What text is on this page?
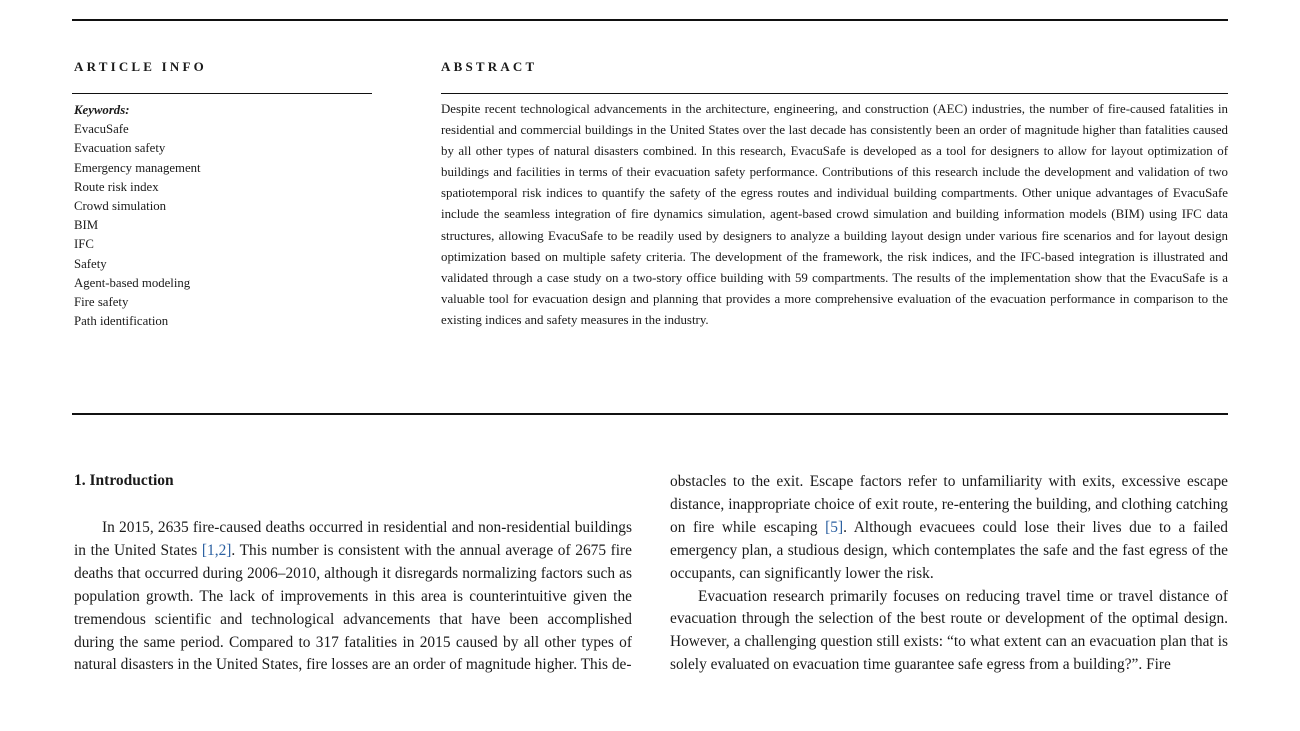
ARTICLE INFO	ABSTRACT
Keywords:
EvacuSafe
Evacuation safety
Emergency management
Route risk index
Crowd simulation
BIM
IFC
Safety
Agent-based modeling
Fire safety
Path identification
Despite recent technological advancements in the architecture, engineering, and construction (AEC) industries, the number of fire-caused fatalities in residential and commercial buildings in the United States over the last decade has consistently been an order of magnitude higher than fatalities caused by all other types of natural disasters combined. In this research, EvacuSafe is developed as a tool for designers to allow for layout optimization of buildings and facilities in terms of their evacuation safety performance. Contributions of this research include the development and validation of two spatiotemporal risk indices to quantify the safety of the egress routes and individual building compartments. Other unique advantages of EvacuSafe include the seamless integration of fire dynamics simulation, agent-based crowd simulation and building information models (BIM) using IFC data structures, allowing EvacuSafe to be readily used by designers to analyze a building layout design under various fire scenarios and for layout design optimization based on multiple safety criteria. The development of the framework, the risk indices, and the IFC-based integration is illustrated and validated through a case study on a two-story office building with 59 compartments. The results of the implementation show that the EvacuSafe is a valuable tool for evacuation design and planning that provides a more comprehensive evaluation of the evacuation performance in comparison to the existing indices and safety measures in the industry.
1. Introduction

In 2015, 2635 fire-caused deaths occurred in residential and non-residential buildings in the United States [1,2]. This number is consistent with the annual average of 2675 fire deaths that occurred during 2006–2010, although it disregards normalizing factors such as population growth. The lack of improvements in this area is counterintuitive given the tremendous scientific and technological advancements that have been accomplished during the same period. Compared to 317 fatalities in 2015 caused by all other types of natural disasters in the United States, fire losses are an order of magnitude higher. This de-

obstacles to the exit. Escape factors refer to unfamiliarity with exits, excessive escape distance, inappropriate choice of exit route, re-entering the building, and clothing catching on fire while escaping [5]. Although evacuees could lose their lives due to a failed emergency plan, a studious design, which contemplates the safe and the fast egress of the occupants, can significantly lower the risk.

Evacuation research primarily focuses on reducing travel time or travel distance of evacuation through the selection of the best route or development of the optimal design. However, a challenging question still exists: “to what extent can an evacuation plan that is solely evaluated on evacuation time guarantee safe egress from a building?”. Fire
